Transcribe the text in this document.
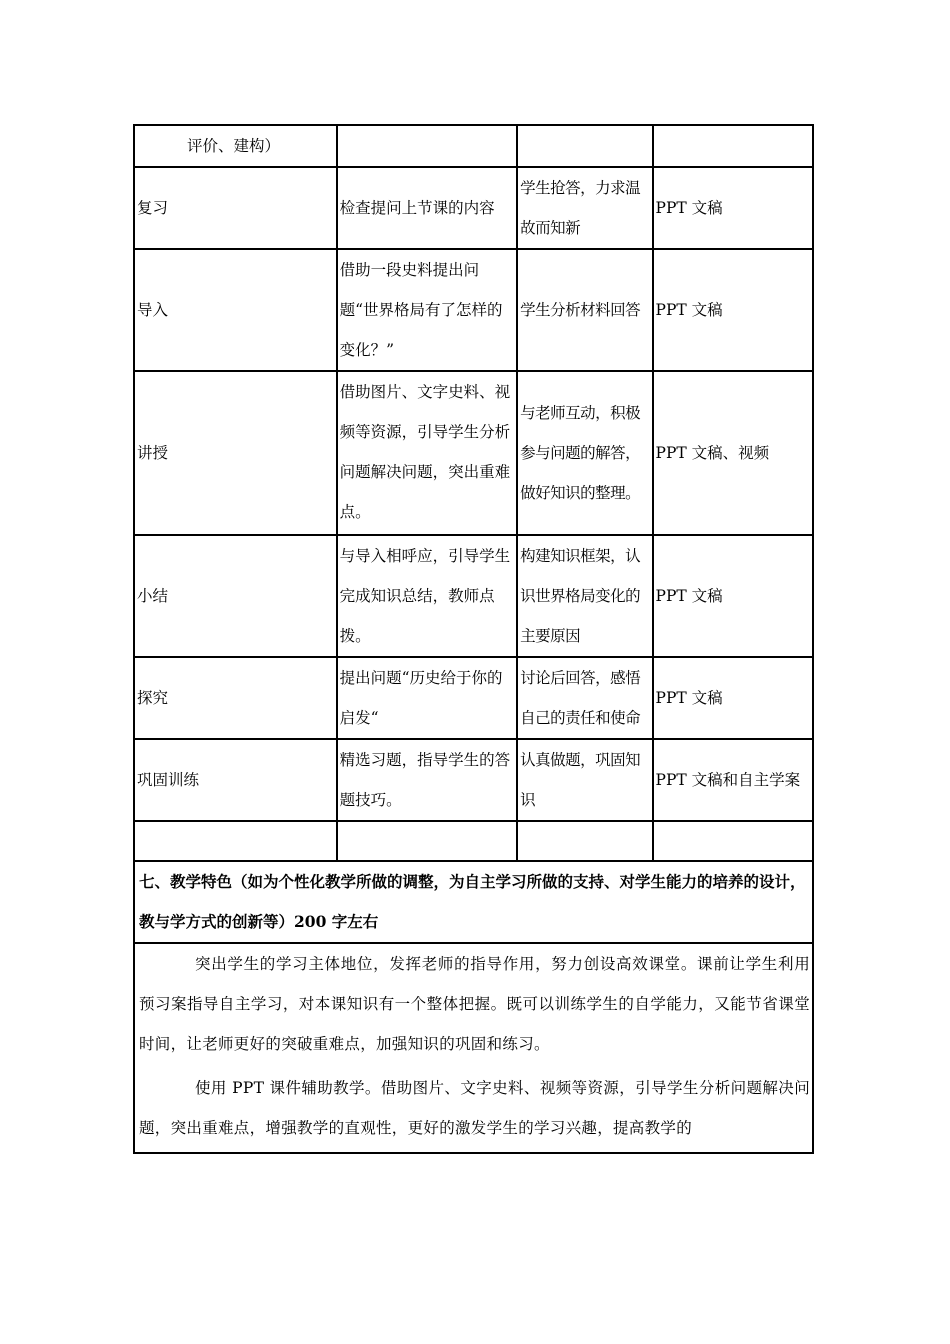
评价、建构）			
复习	检查提问上节课的内容	学生抢答，力求温故而知新	PPT 文稿
导入	借助一段史料提出问题“世界格局有了怎样的变化？”	学生分析材料回答	PPT 文稿
讲授	借助图片、文字史料、视频等资源，引导学生分析问题解决问题，突出重难点。	与老师互动，积极参与问题的解答，做好知识的整理。	PPT 文稿、视频
小结	与导入相呼应，引导学生完成知识总结，教师点拨。	构建知识框架，认识世界格局变化的主要原因	PPT 文稿
探究	提出问题“历史给于你的启发“	讨论后回答，感悟自己的责任和使命	PPT 文稿
巩固训练	精选习题，指导学生的答题技巧。	认真做题，巩固知识	PPT 文稿和自主学案

七、教学特色（如为个性化教学所做的调整，为自主学习所做的支持、对学生能力的培养的设计，教与学方式的创新等）200 字左右			

突出学生的学习主体地位，发挥老师的指导作用，努力创设高效课堂。课前让学生利用预习案指导自主学习，对本课知识有一个整体把握。既可以训练学生的自学能力，又能节省课堂时间，让老师更好的突破重难点，加强知识的巩固和练习。

使用 PPT 课件辅助教学。借助图片、文字史料、视频等资源，引导学生分析问题解决问题，突出重难点，增强教学的直观性，更好的激发学生的学习兴趣，提高教学的			
